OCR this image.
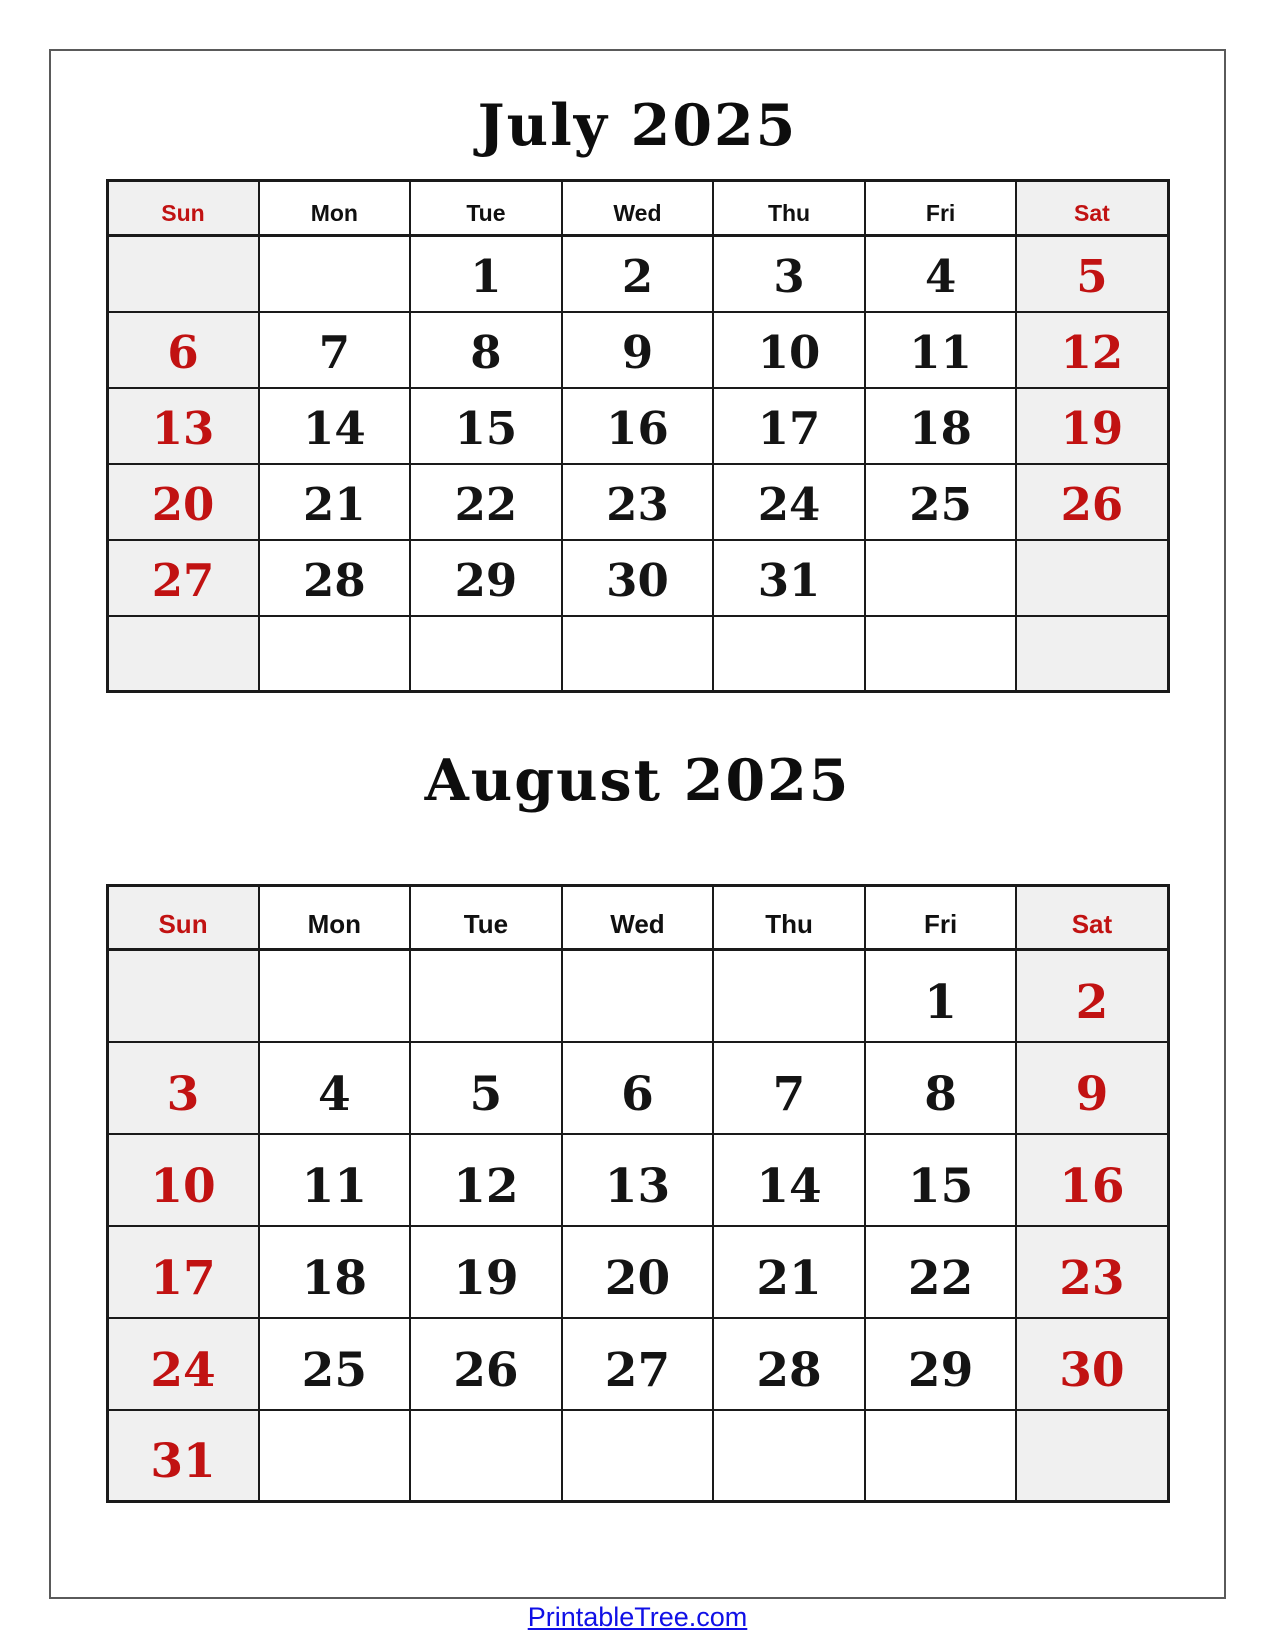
July 2025
Sun	Mon	Tue	Wed	Thu	Fri	Sat
		1	2	3	4	5
6	7	8	9	10	11	12
13	14	15	16	17	18	19
20	21	22	23	24	25	26
27	28	29	30	31		

August 2025
Sun	Mon	Tue	Wed	Thu	Fri	Sat
					1	2
3	4	5	6	7	8	9
10	11	12	13	14	15	16
17	18	19	20	21	22	23
24	25	26	27	28	29	30
31						
PrintableTree.com
